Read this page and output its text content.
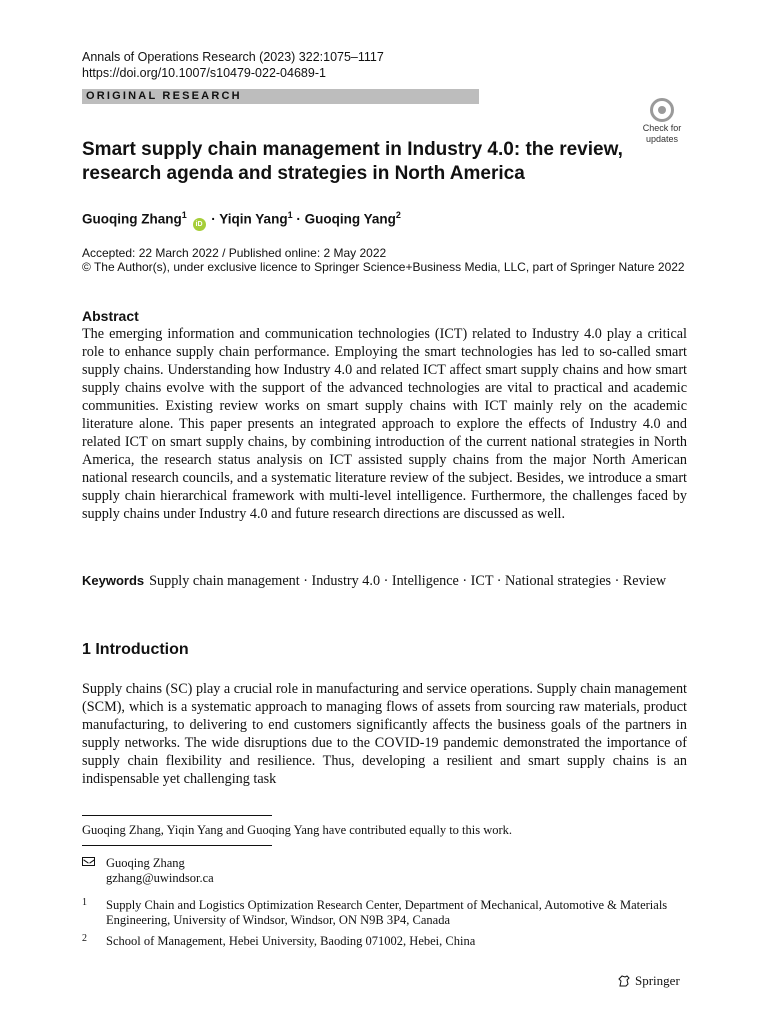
Annals of Operations Research (2023) 322:1075–1117
https://doi.org/10.1007/s10479-022-04689-1
ORIGINAL RESEARCH
Check for
updates
Smart supply chain management in Industry 4.0: the review, research agenda and strategies in North America
Guoqing Zhang$^1$ iD · Yiqin Yang$^1$ · Guoqing Yang$^2$
Accepted: 22 March 2022 / Published online: 2 May 2022
© The Author(s), under exclusive licence to Springer Science+Business Media, LLC, part of Springer Nature 2022
Abstract
The emerging information and communication technologies (ICT) related to Industry 4.0 play a critical role to enhance supply chain performance. Employing the smart technologies has led to so-called smart supply chains. Understanding how Industry 4.0 and related ICT affect smart supply chains and how smart supply chains evolve with the support of the advanced technologies are vital to practical and academic communities. Existing review works on smart supply chains with ICT mainly rely on the academic literature alone. This paper presents an integrated approach to explore the effects of Industry 4.0 and related ICT on smart supply chains, by combining introduction of the current national strategies in North America, the research status analysis on ICT assisted supply chains from the major North American national research councils, and a systematic literature review of the subject. Besides, we introduce a smart supply chain hierarchical framework with multi-level intelligence. Furthermore, the challenges faced by supply chains under Industry 4.0 and future research directions are discussed as well.
Keywords Supply chain management · Industry 4.0 · Intelligence · ICT · National strategies · Review
1 Introduction
Supply chains (SC) play a crucial role in manufacturing and service operations. Supply chain management (SCM), which is a systematic approach to managing flows of assets from sourcing raw materials, product manufacturing, to delivering to end customers significantly affects the business goals of the partners in supply networks. The wide disruptions due to the COVID-19 pandemic demonstrated the importance of supply chain flexibility and resilience. Thus, developing a resilient and smart supply chains is an indispensable yet challenging task
Guoqing Zhang, Yiqin Yang and Guoqing Yang have contributed equally to this work.
Guoqing Zhang
gzhang@uwindsor.ca
1 Supply Chain and Logistics Optimization Research Center, Department of Mechanical, Automotive & Materials Engineering, University of Windsor, Windsor, ON N9B 3P4, Canada
2 School of Management, Hebei University, Baoding 071002, Hebei, China
Springer
